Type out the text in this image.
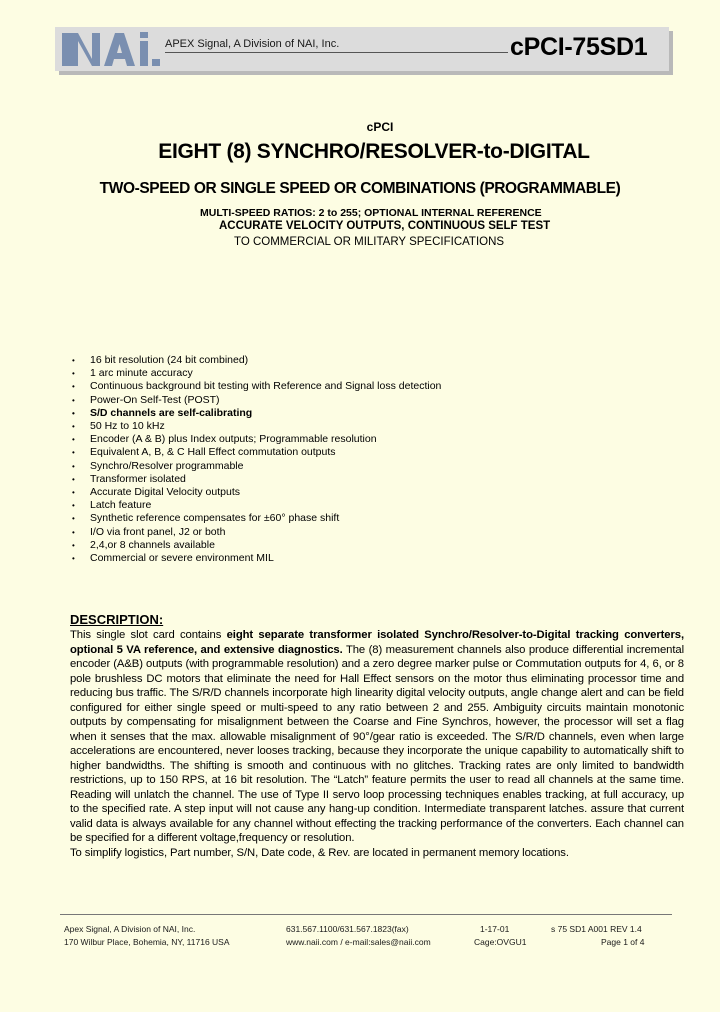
APEX Signal, A Division of NAI, Inc.	cPCI-75SD1
cPCI
EIGHT (8) SYNCHRO/RESOLVER-to-DIGITAL
TWO-SPEED OR SINGLE SPEED OR COMBINATIONS (PROGRAMMABLE)
MULTI-SPEED RATIOS: 2 to 255; OPTIONAL INTERNAL REFERENCE
ACCURATE VELOCITY OUTPUTS, CONTINUOUS SELF TEST
TO COMMERCIAL OR MILITARY SPECIFICATIONS
• 16 bit resolution (24 bit combined)
• 1 arc minute accuracy
• Continuous background bit testing with Reference and Signal loss detection
• Power-On Self-Test (POST)
• S/D channels are self-calibrating
• 50 Hz to 10 kHz
• Encoder (A & B) plus Index outputs; Programmable resolution
• Equivalent A, B, & C Hall Effect commutation outputs
• Synchro/Resolver programmable
• Transformer isolated
• Accurate Digital Velocity outputs
• Latch feature
• Synthetic reference compensates for ±60° phase shift
• I/O via front panel, J2 or both
• 2,4,or 8 channels available
• Commercial or severe environment MIL
DESCRIPTION:

This single slot card contains eight separate transformer isolated Synchro/Resolver-to-Digital tracking converters, optional 5 VA reference, and extensive diagnostics. The (8) measurement channels also produce differential incremental encoder (A&B) outputs (with programmable resolution) and a zero degree marker pulse or Commutation outputs for 4, 6, or 8 pole brushless DC motors that eliminate the need for Hall Effect sensors on the motor thus eliminating processor time and reducing bus traffic. The S/R/D channels incorporate high linearity digital velocity outputs, angle change alert and can be field configured for either single speed or multi-speed to any ratio between 2 and 255. Ambiguity circuits maintain monotonic outputs by compensating for misalignment between the Coarse and Fine Synchros, however, the processor will set a flag when it senses that the max. allowable misalignment of 90°/gear ratio is exceeded. The S/R/D channels, even when large accelerations are encountered, never looses tracking, because they incorporate the unique capability to automatically shift to higher bandwidths. The shifting is smooth and continuous with no glitches. Tracking rates are only limited to bandwidth restrictions, up to 150 RPS, at 16 bit resolution. The “Latch” feature permits the user to read all channels at the same time. Reading will unlatch the channel. The use of Type II servo loop processing techniques enables tracking, at full accuracy, up to the specified rate. A step input will not cause any hang-up condition. Intermediate transparent latches. assure that current valid data is always available for any channel without effecting the tracking performance of the converters. Each channel can be specified for a different voltage,frequency or resolution.

To simplify logistics, Part number, S/N, Date code, & Rev. are located in permanent memory locations.

Apex Signal, A Division of NAI, Inc.
170 Wilbur Place, Bohemia, NY, 11716 USA
631.567.1100/631.567.1823(fax)
www.naii.com / e-mail:sales@naii.com
1-17-01
Cage:OVGU1
s 75 SD1 A001 REV 1.4
Page 1 of 4
